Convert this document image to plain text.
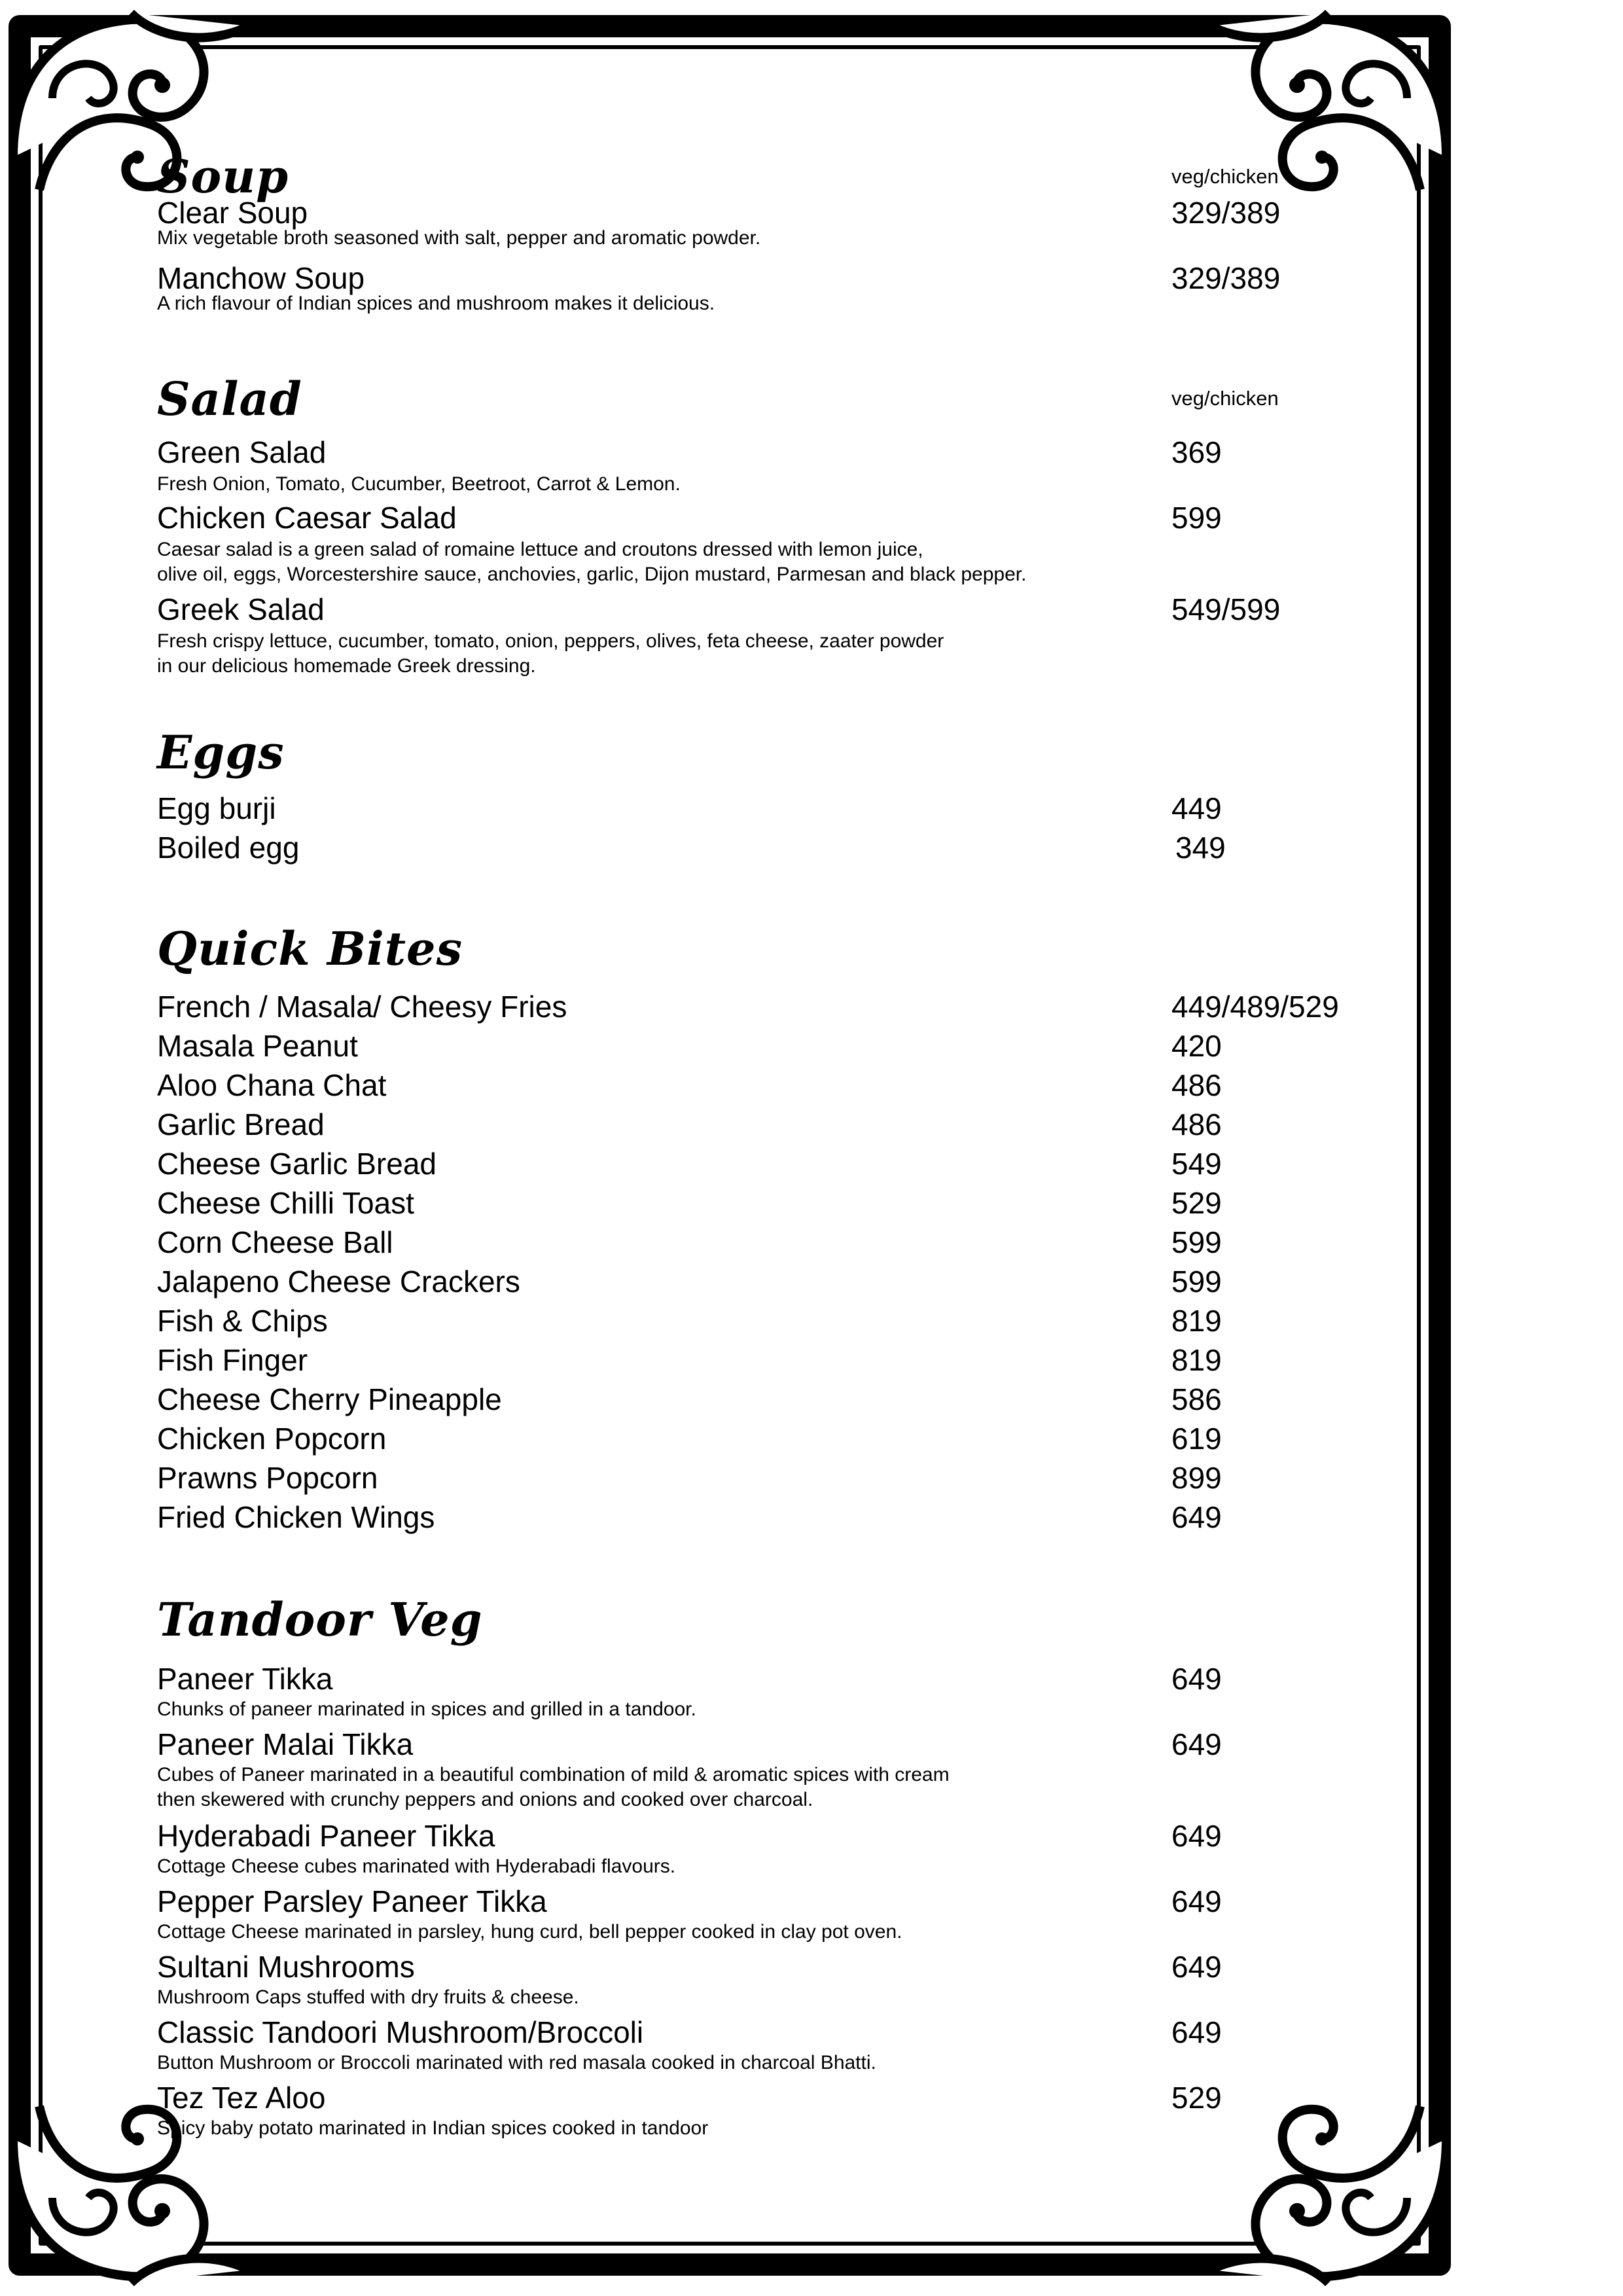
Soup	veg/chicken
Clear Soup	329/389
Mix vegetable broth seasoned with salt, pepper and aromatic powder.
Manchow Soup	329/389
A rich flavour of Indian spices and mushroom makes it delicious.
Salad	veg/chicken
Green Salad	369
Fresh Onion, Tomato, Cucumber, Beetroot, Carrot & Lemon.
Chicken Caesar Salad	599
Caesar salad is a green salad of romaine lettuce and croutons dressed with lemon juice,
olive oil, eggs, Worcestershire sauce, anchovies, garlic, Dijon mustard, Parmesan and black pepper.
Greek Salad	549/599
Fresh crispy lettuce, cucumber, tomato, onion, peppers, olives, feta cheese, zaater powder
in our delicious homemade Greek dressing.
Eggs
Egg burji	449
Boiled egg	349
Quick Bites
French / Masala/ Cheesy Fries	449/489/529
Masala Peanut	420
Aloo Chana Chat	486
Garlic Bread	486
Cheese Garlic Bread	549
Cheese Chilli Toast	529
Corn Cheese Ball	599
Jalapeno Cheese Crackers	599
Fish & Chips	819
Fish Finger	819
Cheese Cherry Pineapple	586
Chicken Popcorn	619
Prawns Popcorn	899
Fried Chicken Wings	649
Tandoor Veg
Paneer Tikka	649
Chunks of paneer marinated in spices and grilled in a tandoor.
Paneer Malai Tikka	649
Cubes of Paneer marinated in a beautiful combination of mild & aromatic spices with cream
then skewered with crunchy peppers and onions and cooked over charcoal.
Hyderabadi Paneer Tikka	649
Cottage Cheese cubes marinated with Hyderabadi flavours.
Pepper Parsley Paneer Tikka	649
Cottage Cheese marinated in parsley, hung curd, bell pepper cooked in clay pot oven.
Sultani Mushrooms	649
Mushroom Caps stuffed with dry fruits & cheese.
Classic Tandoori Mushroom/Broccoli	649
Button Mushroom or Broccoli marinated with red masala cooked in charcoal Bhatti.
Tez Tez Aloo	529
Spicy baby potato marinated in Indian spices cooked in tandoor
